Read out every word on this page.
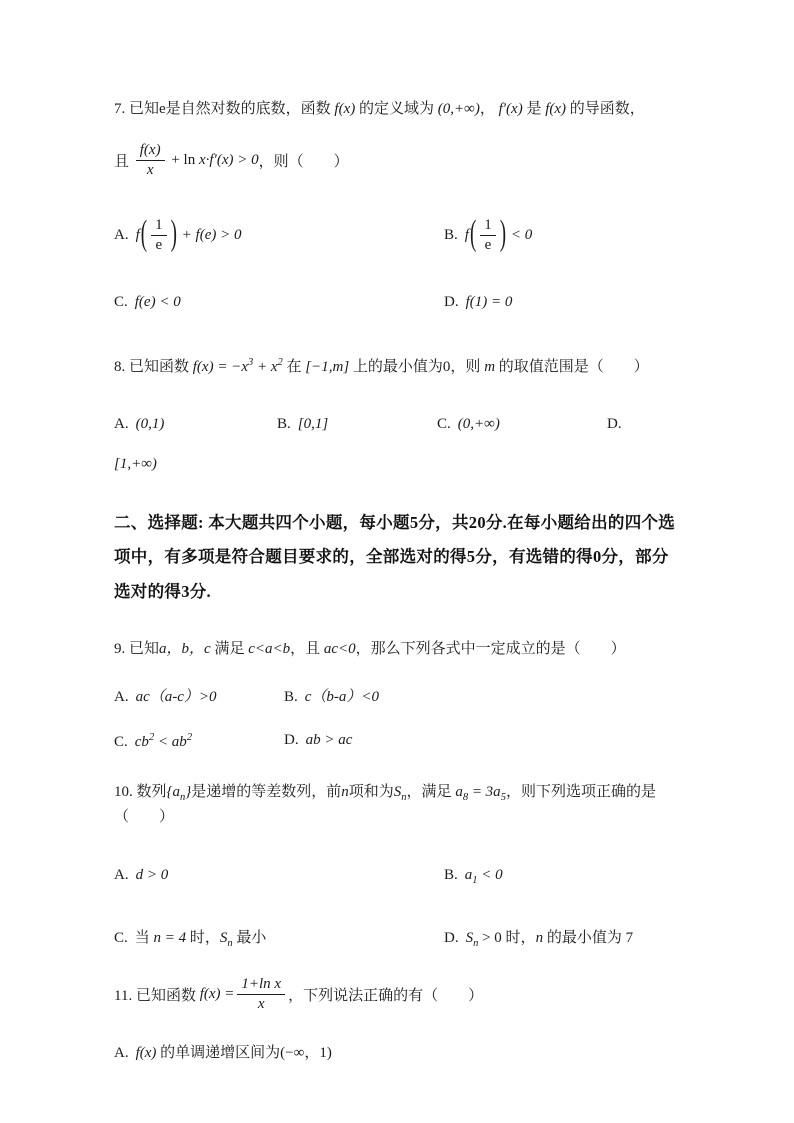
7. 已知e是自然对数的底数，函数 f(x) 的定义域为 (0,+∞)， f′(x) 是 f(x) 的导函数，

且 $\frac{f(x)}{x} + \ln x\cdot f'(x) > 0$ ，则（　　）
A. f ( $\frac{1}{e}$ ) + f(e) > 0	B. f ( $\frac{1}{e}$ ) < 0
C. f(e) < 0	D. f(1) = 0

8. 已知函数 $f(x) = -x^3 + x^2$ 在 [−1,m] 上的最小值为0，则 m 的取值范围是（　　）

A. (0,1)	B. [0,1]	C. (0,+∞)	D.

[1,+∞)

二、选择题: 本大题共四个小题，每小题5分，共20分.在每小题给出的四个选项中，有多项是符合题目要求的，全部选对的得5分，有选错的得0分，部分选对的得3分.

9. 已知a，b，c 满足 c<a<b，且 ac<0，那么下列各式中一定成立的是（　　）

A. ac（a-c）>0	B. c（b-a）<0
C. $cb^2 < ab^2$	D. ab > ac

10. 数列$\{a_n\}$是递增的等差数列，前n项和为$S_n$，满足 $a_8 = 3a_5$，则下列选项正确的是（　　）

A. d > 0	B. $a_1 < 0$
C. 当 n = 4 时，$S_n$ 最小	D. $S_n > 0$ 时，n 的最小值为 7
11. 已知函数 $f(x) = \frac{\text{1+ln x}}{x}$ ，下列说法正确的有（　　）

A. f(x) 的单调递增区间为(−∞，1)
